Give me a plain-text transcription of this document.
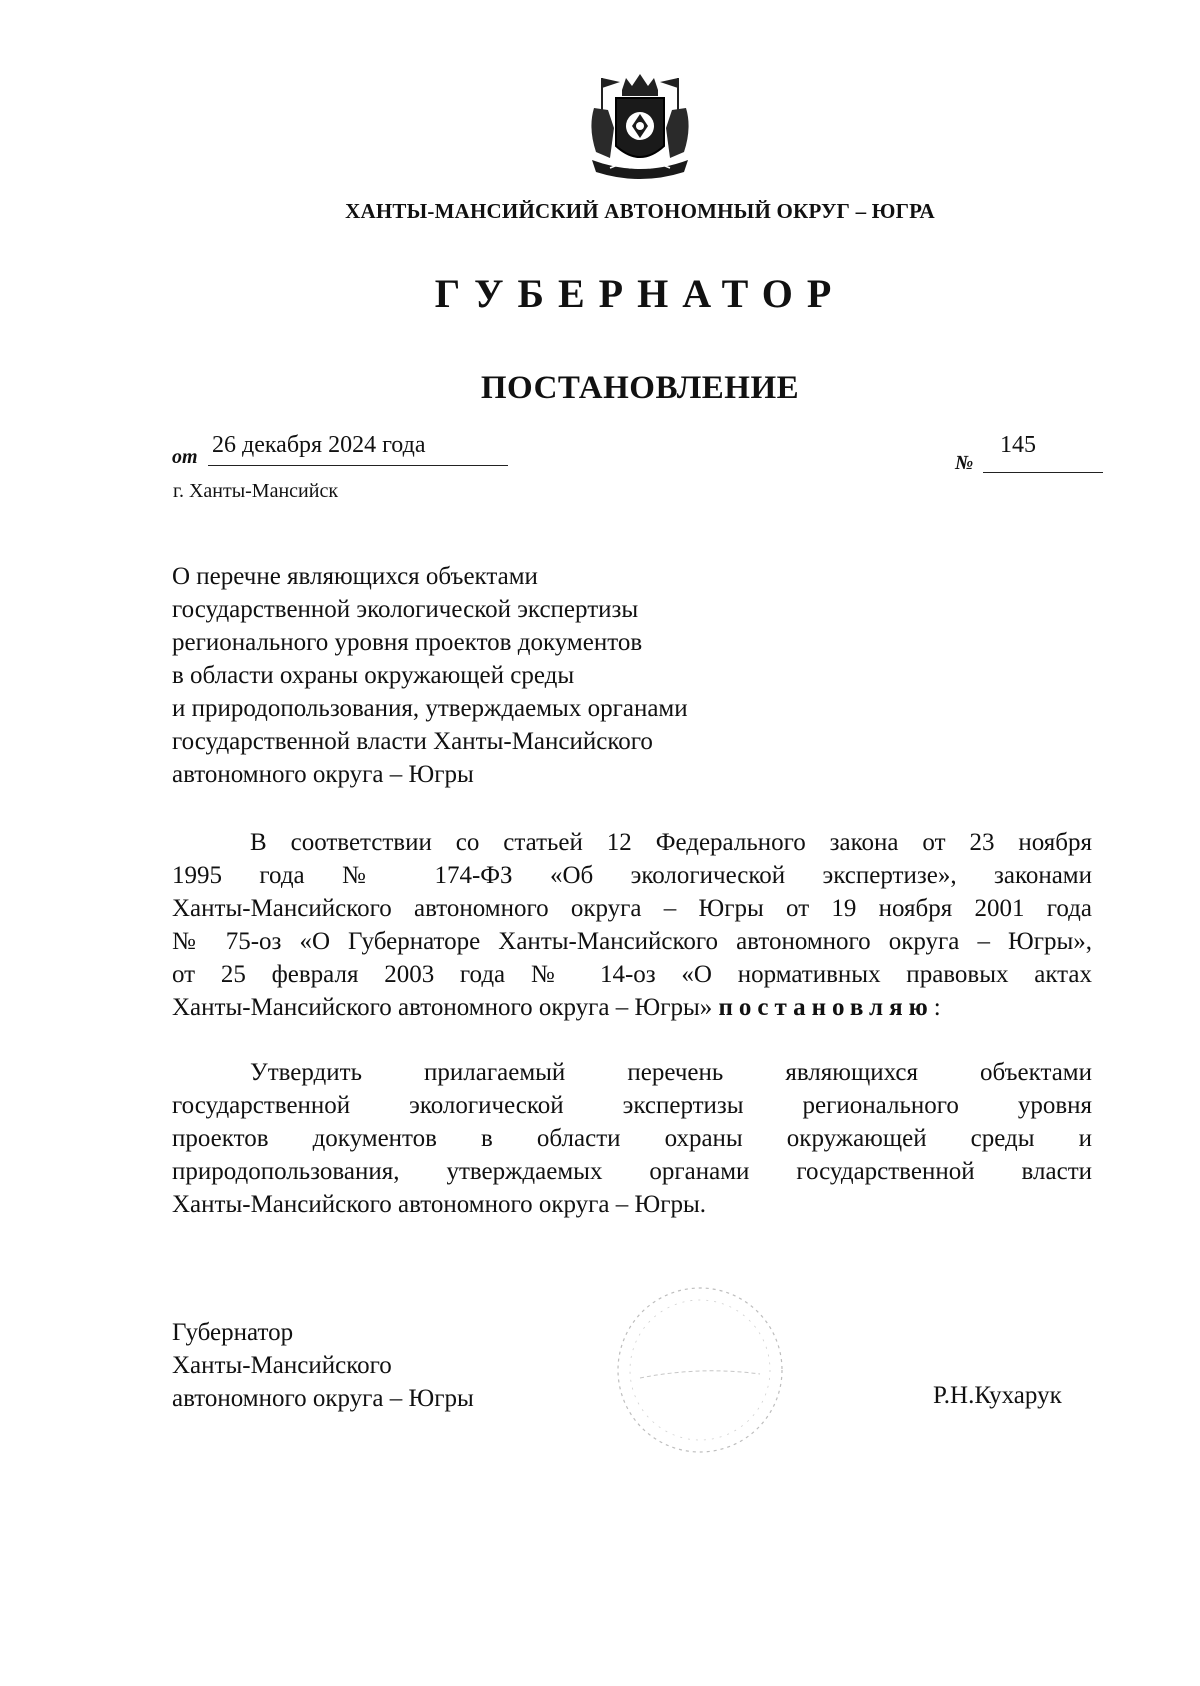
ХАНТЫ-МАНСИЙСКИЙ АВТОНОМНЫЙ ОКРУГ – ЮГРА
ГУБЕРНАТОР
ПОСТАНОВЛЕНИЕ
от 26 декабря 2024 года
№
145
г. Ханты-Мансийск
О перечне являющихся объектами
государственной экологической экспертизы
регионального уровня проектов документов
в области охраны окружающей среды
и природопользования, утверждаемых органами
государственной власти Ханты-Мансийского
автономного округа – Югры
В соответствии со статьей 12 Федерального закона от 23 ноября
1995 года № 174-ФЗ «Об экологической экспертизе», законами
Ханты-Мансийского автономного округа – Югры от 19 ноября 2001 года
№ 75-оз «О Губернаторе Ханты-Мансийского автономного округа – Югры»,
от 25 февраля 2003 года № 14-оз «О нормативных правовых актах
Ханты-Мансийского автономного округа – Югры» постановляю:
Утвердить прилагаемый перечень являющихся объектами
государственной экологической экспертизы регионального уровня
проектов документов в области охраны окружающей среды и
природопользования, утверждаемых органами государственной власти
Ханты-Мансийского автономного округа – Югры.
Губернатор
Ханты-Мансийского
автономного округа – Югры	Р.Н.Кухарук
